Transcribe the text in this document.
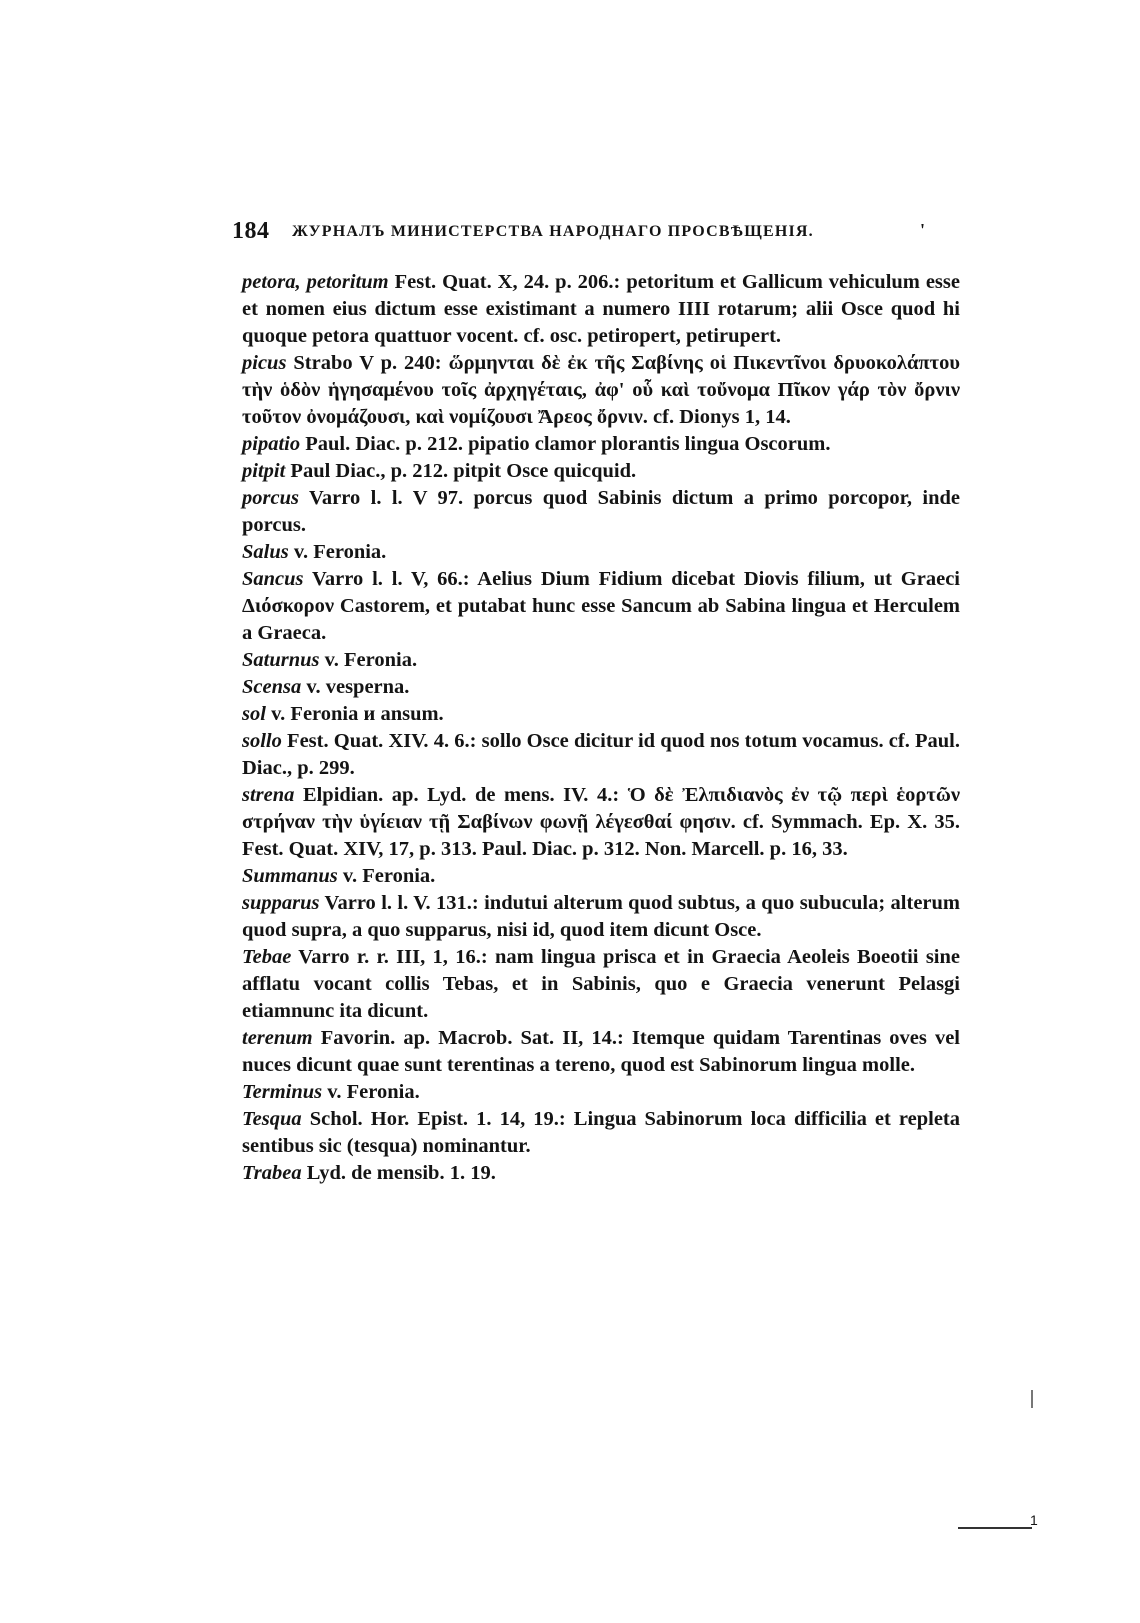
184 ЖУРНАЛЪ МИНИСТЕРСТВА НАРОДНАГО ПРОСВѢЩЕНІЯ.	'

petora, petoritum Fest. Quat. X, 24. p. 206.: petoritum et Gallicum vehiculum esse et nomen eius dictum esse existimant a numero IIII rotarum; alii Osce quod hi quoque petora quattuor vocent. cf. osc. petiropert, petirupert.

picus Strabo V p. 240: ὥρμηνται δὲ ἐκ τῆς Σαβίνης οἱ Πικεντῖνοι δρυοκολάπτου τὴν ὁδὸν ἡγησαμένου τοῖς ἀρχηγέταις, ἀφ' οὗ καὶ τοὔνομα Πῖκον γάρ τὸν ὄρνιν τοῦτον ὀνομάζουσι, καὶ νομίζουσι Ἄρεος ὄρνιν. cf. Dionys 1, 14.

pipatio Paul. Diac. p. 212. pipatio clamor plorantis lingua Oscorum.

pitpit Paul Diac., p. 212. pitpit Osce quicquid.

porcus Varro l. l. V 97. porcus quod Sabinis dictum a primo porcopor, inde porcus.

Salus v. Feronia.

Sancus Varro l. l. V, 66.: Aelius Dium Fidium dicebat Diovis filium, ut Graeci Διόσκορον Castorem, et putabat hunc esse Sancum ab Sabina lingua et Herculem a Graeca.

Saturnus v. Feronia.

Scensa v. vesperna.

sol v. Feronia и ansum.

sollo Fest. Quat. XIV. 4. 6.: sollo Osce dicitur id quod nos totum vocamus. cf. Paul. Diac., p. 299.

strena Elpidian. ap. Lyd. de mens. IV. 4.: Ὁ δὲ Ἐλπιδιανὸς ἐν τῷ περὶ ἑορτῶν στρήναν τὴν ὑγίειαν τῇ Σαβίνων φωνῇ λέγεσθαί φησιν. cf. Symmach. Ep. X. 35. Fest. Quat. XIV, 17, p. 313. Paul. Diac. p. 312. Non. Marcell. p. 16, 33.

Summanus v. Feronia.

supparus Varro l. l. V. 131.: indutui alterum quod subtus, a quo subucula; alterum quod supra, a quo supparus, nisi id, quod item dicunt Osce.

Tebae Varro r. r. III, 1, 16.: nam lingua prisca et in Graecia Aeoleis Boeotii sine afflatu vocant collis Tebas, et in Sabinis, quo e Graecia venerunt Pelasgi etiamnunc ita dicunt.

terenum Favorin. ap. Macrob. Sat. II, 14.: Itemque quidam Tarentinas oves vel nuces dicunt quae sunt terentinas a tereno, quod est Sabinorum lingua molle.

Terminus v. Feronia.

Tesqua Schol. Hor. Epist. 1. 14, 19.: Lingua Sabinorum loca difficilia et repleta sentibus sic (tesqua) nominantur.

Trabea Lyd. de mensib. 1. 19.

1
